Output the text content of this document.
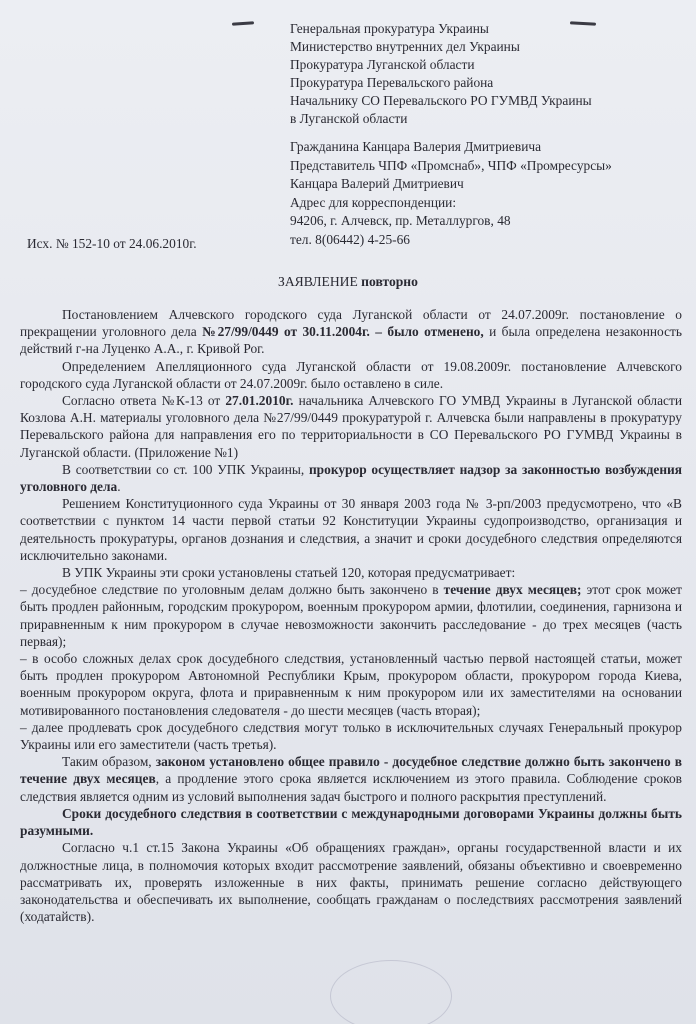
Генеральная прокуратура Украины
Министерство внутренних дел Украины
Прокуратура Луганской области
Прокуратура Перевальского района
Начальнику СО Перевальского РО ГУМВД Украины
в Луганской области
Гражданина Канцара Валерия Дмитриевича
Представитель ЧПФ «Промснаб», ЧПФ «Промресурсы»
Канцара Валерий Дмитриевич
Адрес для корреспонденции:
94206, г. Алчевск, пр. Металлургов, 48
тел. 8(06442) 4-25-66
Исх. № 152-10 от 24.06.2010г.
ЗАЯВЛЕНИЕ повторно

Постановлением Алчевского городского суда Луганской области от 24.07.2009г. постановление о прекращении уголовного дела №27/99/0449 от 30.11.2004г. – было отменено, и была определена незаконность действий г-на Луценко А.А., г. Кривой Рог.

Определением Апелляционного суда Луганской области от 19.08.2009г. постановление Алчевского городского суда Луганской области от 24.07.2009г. было оставлено в силе.

Согласно ответа №К-13 от 27.01.2010г. начальника Алчевского ГО УМВД Украины в Луганской области Козлова А.Н. материалы уголовного дела №27/99/0449 прокуратурой г. Алчевска были направлены в прокуратуру Перевальского района для направления его по территориальности в СО Перевальского РО ГУМВД Украины в Луганской области. (Приложение №1)

В соответствии со ст. 100 УПК Украины, прокурор осуществляет надзор за законностью возбуждения уголовного дела.

Решением Конституционного суда Украины от 30 января 2003 года № 3-рп/2003 предусмотрено, что «В соответствии с пунктом 14 части первой статьи 92 Конституции Украины судопроизводство, организация и деятельность прокуратуры, органов дознания и следствия, а значит и сроки досудебного следствия определяются исключительно законами.

В УПК Украины эти сроки установлены статьей 120, которая предусматривает:

– досудебное следствие по уголовным делам должно быть закончено в течение двух месяцев; этот срок может быть продлен районным, городским прокурором, военным прокурором армии, флотилии, соединения, гарнизона и приравненным к ним прокурором в случае невозможности закончить расследование - до трех месяцев (часть первая);

– в особо сложных делах срок досудебного следствия, установленный частью первой настоящей статьи, может быть продлен прокурором Автономной Республики Крым, прокурором области, прокурором города Киева, военным прокурором округа, флота и приравненным к ним прокурором или их заместителями на основании мотивированного постановления следователя - до шести месяцев (часть вторая);

– далее продлевать срок досудебного следствия могут только в исключительных случаях Генеральный прокурор Украины или его заместители (часть третья).

Таким образом, законом установлено общее правило - досудебное следствие должно быть закончено в течение двух месяцев, а продление этого срока является исключением из этого правила. Соблюдение сроков следствия является одним из условий выполнения задач быстрого и полного раскрытия преступлений.

Сроки досудебного следствия в соответствии с международными договорами Украины должны быть разумными.

Согласно ч.1 ст.15 Закона Украины «Об обращениях граждан», органы государственной власти и их должностные лица, в полномочия которых входит рассмотрение заявлений, обязаны объективно и своевременно рассматривать их, проверять изложенные в них факты, принимать решение согласно действующего законодательства и обеспечивать их выполнение, сообщать гражданам о последствиях рассмотрения заявлений (ходатайств).
